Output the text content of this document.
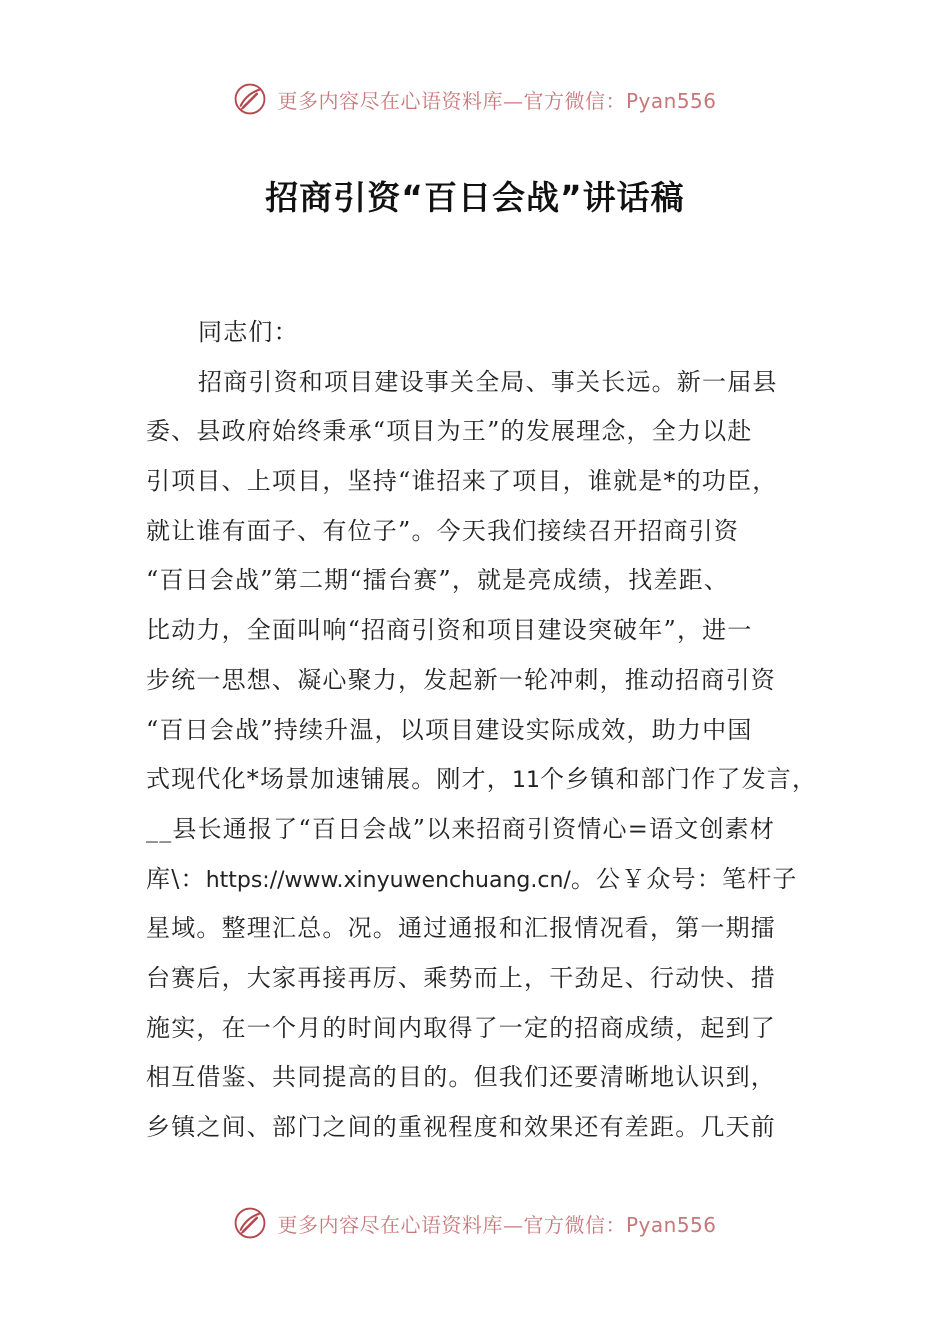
更多内容尽在心语资料库—官方微信：Pyan556
招商引资“百日会战”讲话稿
同志们：
招商引资和项目建设事关全局、事关长远。新一届县
委、县政府始终秉承“项目为王”的发展理念，全力以赴
引项目、上项目，坚持“谁招来了项目，谁就是*的功臣，
就让谁有面子、有位子”。今天我们接续召开招商引资
“百日会战”第二期“擂台赛”，就是亮成绩，找差距、
比动力，全面叫响“招商引资和项目建设突破年”，进一
步统一思想、凝心聚力，发起新一轮冲刺，推动招商引资
“百日会战”持续升温，以项目建设实际成效，助力中国
式现代化*场景加速铺展。刚才，11个乡镇和部门作了发言，
__县长通报了“百日会战”以来招商引资情心=语文创素材
库\：https://www.xinyuwenchuang.cn/。公￥众号：笔杆子
星域。整理汇总。况。通过通报和汇报情况看，第一期擂
台赛后，大家再接再厉、乘势而上，干劲足、行动快、措
施实，在一个月的时间内取得了一定的招商成绩，起到了
相互借鉴、共同提高的目的。但我们还要清晰地认识到，
乡镇之间、部门之间的重视程度和效果还有差距。几天前
更多内容尽在心语资料库—官方微信：Pyan556
